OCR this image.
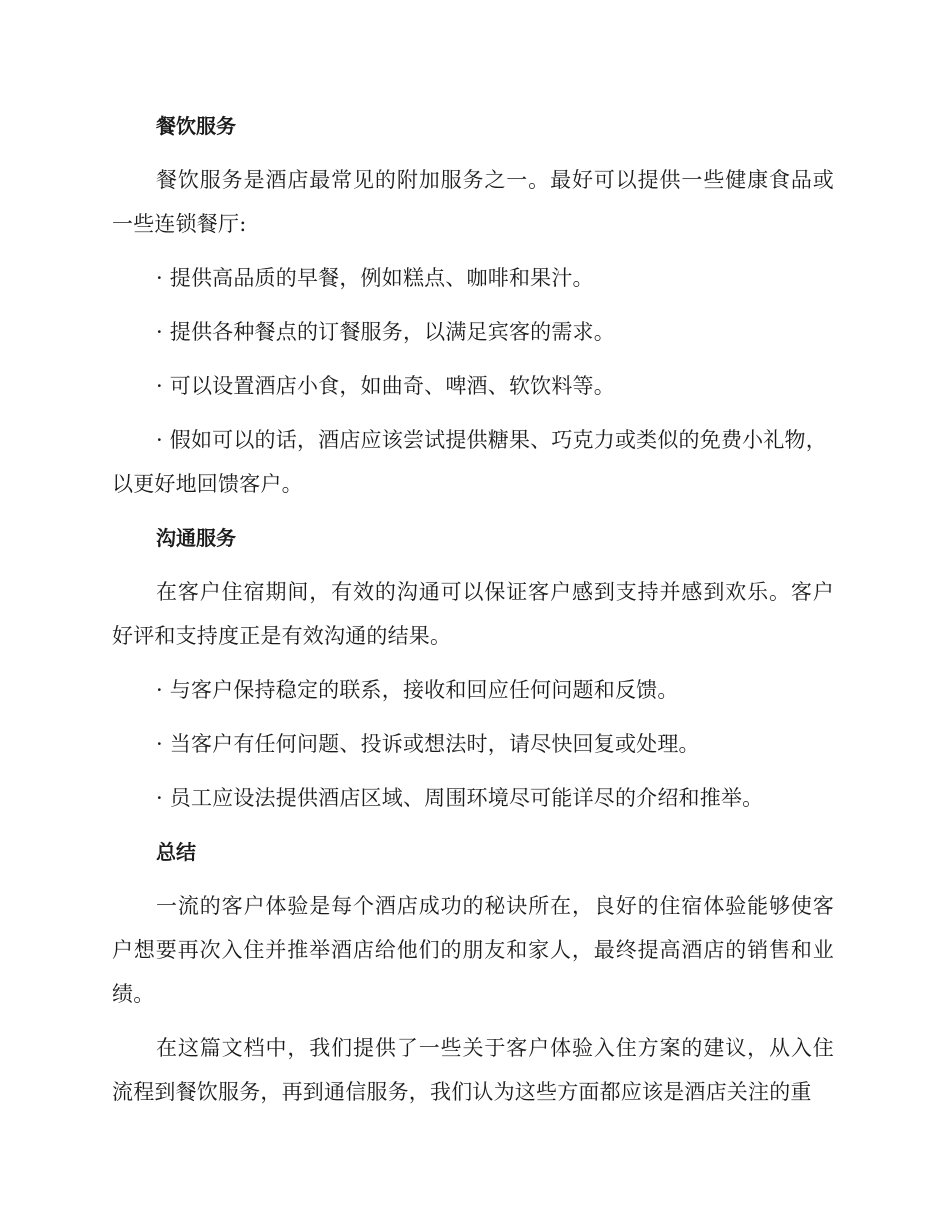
餐饮服务
餐饮服务是酒店最常见的附加服务之一。最好可以提供一些健康食品或一些连锁餐厅:
· 提供高品质的早餐，例如糕点、咖啡和果汁。
· 提供各种餐点的订餐服务，以满足宾客的需求。
· 可以设置酒店小食，如曲奇、啤酒、软饮料等。
· 假如可以的话，酒店应该尝试提供糖果、巧克力或类似的免费小礼物，以更好地回馈客户。
沟通服务
在客户住宿期间，有效的沟通可以保证客户感到支持并感到欢乐。客户好评和支持度正是有效沟通的结果。
· 与客户保持稳定的联系，接收和回应任何问题和反馈。
· 当客户有任何问题、投诉或想法时，请尽快回复或处理。
· 员工应设法提供酒店区域、周围环境尽可能详尽的介绍和推举。
总结
一流的客户体验是每个酒店成功的秘诀所在，良好的住宿体验能够使客户想要再次入住并推举酒店给他们的朋友和家人，最终提高酒店的销售和业绩。
在这篇文档中，我们提供了一些关于客户体验入住方案的建议，从入住流程到餐饮服务，再到通信服务，我们认为这些方面都应该是酒店关注的重
